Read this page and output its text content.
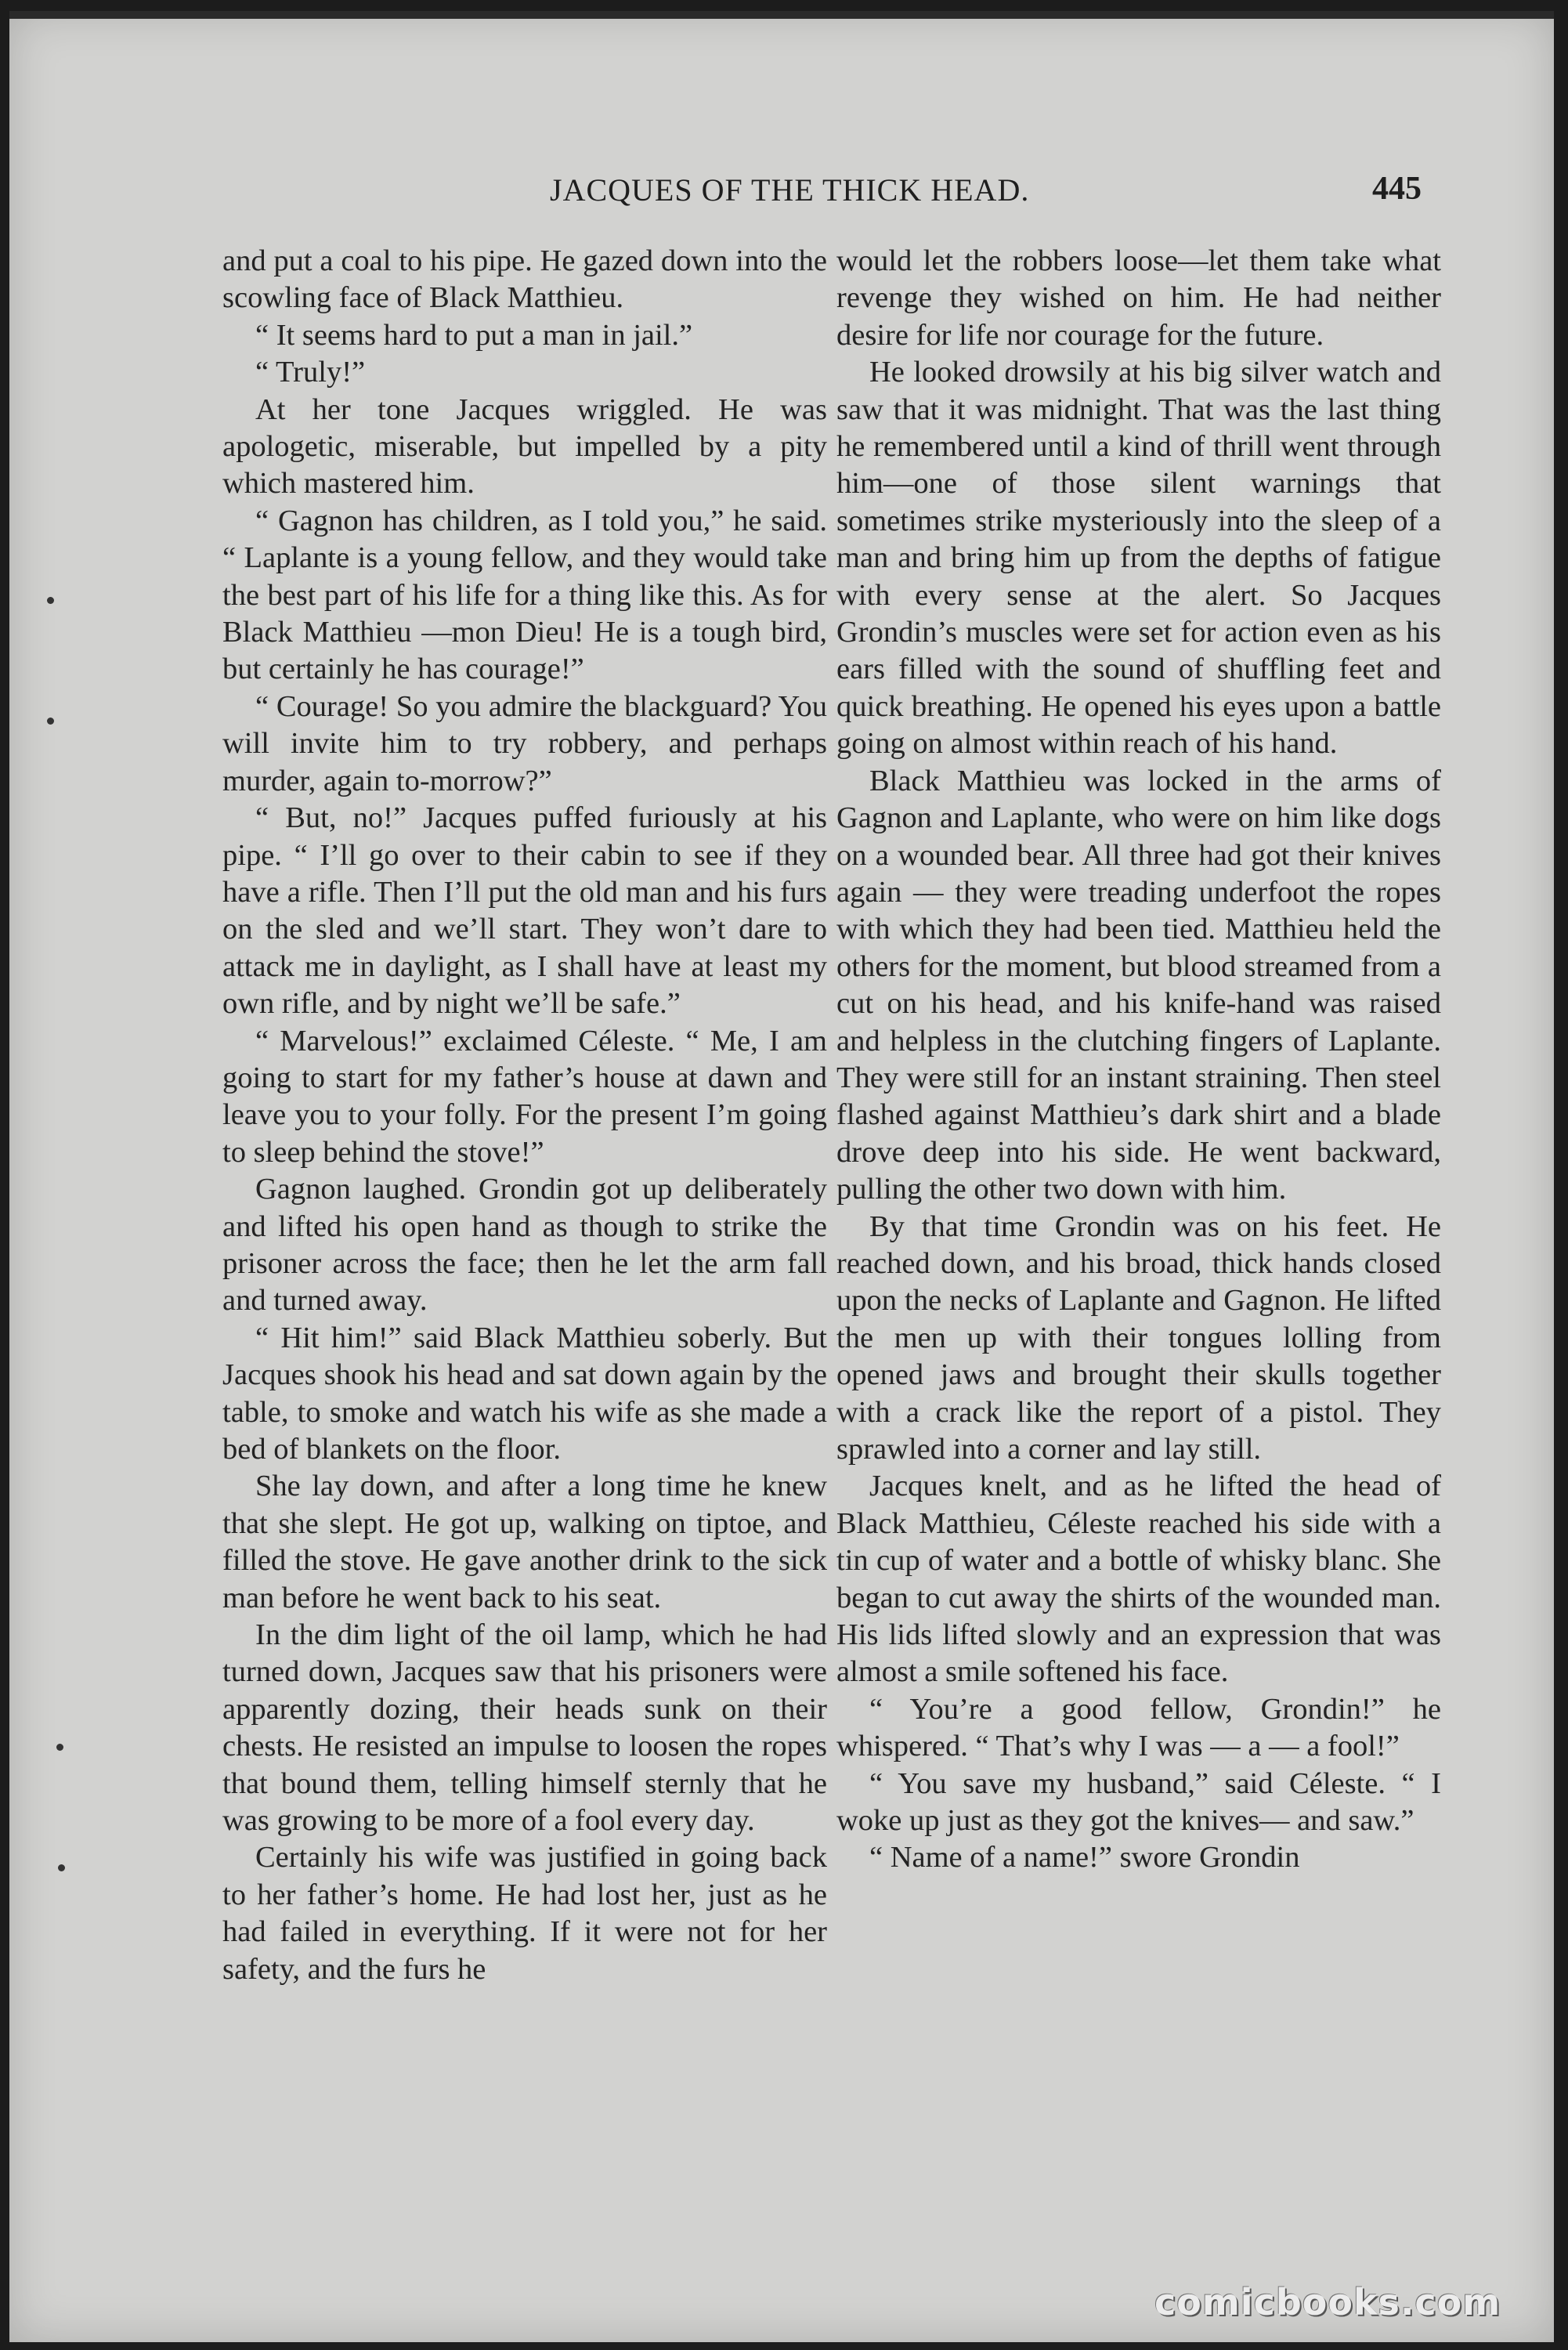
JACQUES OF THE THICK HEAD.	445

and put a coal to his pipe. He gazed down into the scowling face of Black Matthieu.

“ It seems hard to put a man in jail.”

“ Truly!”

At her tone Jacques wriggled. He was apologetic, miserable, but impelled by a pity which mastered him.

“ Gagnon has children, as I told you,” he said. “ Laplante is a young fellow, and they would take the best part of his life for a thing like this. As for Black Matthieu —mon Dieu! He is a tough bird, but certainly he has courage!”

“ Courage! So you admire the blackguard? You will invite him to try robbery, and perhaps murder, again to-morrow?”

“ But, no!” Jacques puffed furiously at his pipe. “ I’ll go over to their cabin to see if they have a rifle. Then I’ll put the old man and his furs on the sled and we’ll start. They won’t dare to attack me in daylight, as I shall have at least my own rifle, and by night we’ll be safe.”

“ Marvelous!” exclaimed Céleste. “ Me, I am going to start for my father’s house at dawn and leave you to your folly. For the present I’m going to sleep behind the stove!”

Gagnon laughed. Grondin got up deliberately and lifted his open hand as though to strike the prisoner across the face; then he let the arm fall and turned away.

“ Hit him!” said Black Matthieu soberly. But Jacques shook his head and sat down again by the table, to smoke and watch his wife as she made a bed of blankets on the floor.

She lay down, and after a long time he knew that she slept. He got up, walking on tiptoe, and filled the stove. He gave another drink to the sick man before he went back to his seat.

In the dim light of the oil lamp, which he had turned down, Jacques saw that his prisoners were apparently dozing, their heads sunk on their chests. He resisted an impulse to loosen the ropes that bound them, telling himself sternly that he was growing to be more of a fool every day.

Certainly his wife was justified in going back to her father’s home. He had lost her, just as he had failed in everything. If it were not for her safety, and the furs he

would let the robbers loose—let them take what revenge they wished on him. He had neither desire for life nor courage for the future.

He looked drowsily at his big silver watch and saw that it was midnight. That was the last thing he remembered until a kind of thrill went through him—one of those silent warnings that sometimes strike mysteriously into the sleep of a man and bring him up from the depths of fatigue with every sense at the alert. So Jacques Grondin’s muscles were set for action even as his ears filled with the sound of shuffling feet and quick breathing. He opened his eyes upon a battle going on almost within reach of his hand.

Black Matthieu was locked in the arms of Gagnon and Laplante, who were on him like dogs on a wounded bear. All three had got their knives again — they were treading underfoot the ropes with which they had been tied. Matthieu held the others for the moment, but blood streamed from a cut on his head, and his knife-hand was raised and helpless in the clutching fingers of Laplante. They were still for an instant straining. Then steel flashed against Matthieu’s dark shirt and a blade drove deep into his side. He went backward, pulling the other two down with him.

By that time Grondin was on his feet. He reached down, and his broad, thick hands closed upon the necks of Laplante and Gagnon. He lifted the men up with their tongues lolling from opened jaws and brought their skulls together with a crack like the report of a pistol. They sprawled into a corner and lay still.

Jacques knelt, and as he lifted the head of Black Matthieu, Céleste reached his side with a tin cup of water and a bottle of whisky blanc. She began to cut away the shirts of the wounded man. His lids lifted slowly and an expression that was almost a smile softened his face.

“ You’re a good fellow, Grondin!” he whispered. “ That’s why I was — a — a fool!”

“ You save my husband,” said Céleste. “ I woke up just as they got the knives— and saw.”

“ Name of a name!” swore Grondin

comicbooks.com
